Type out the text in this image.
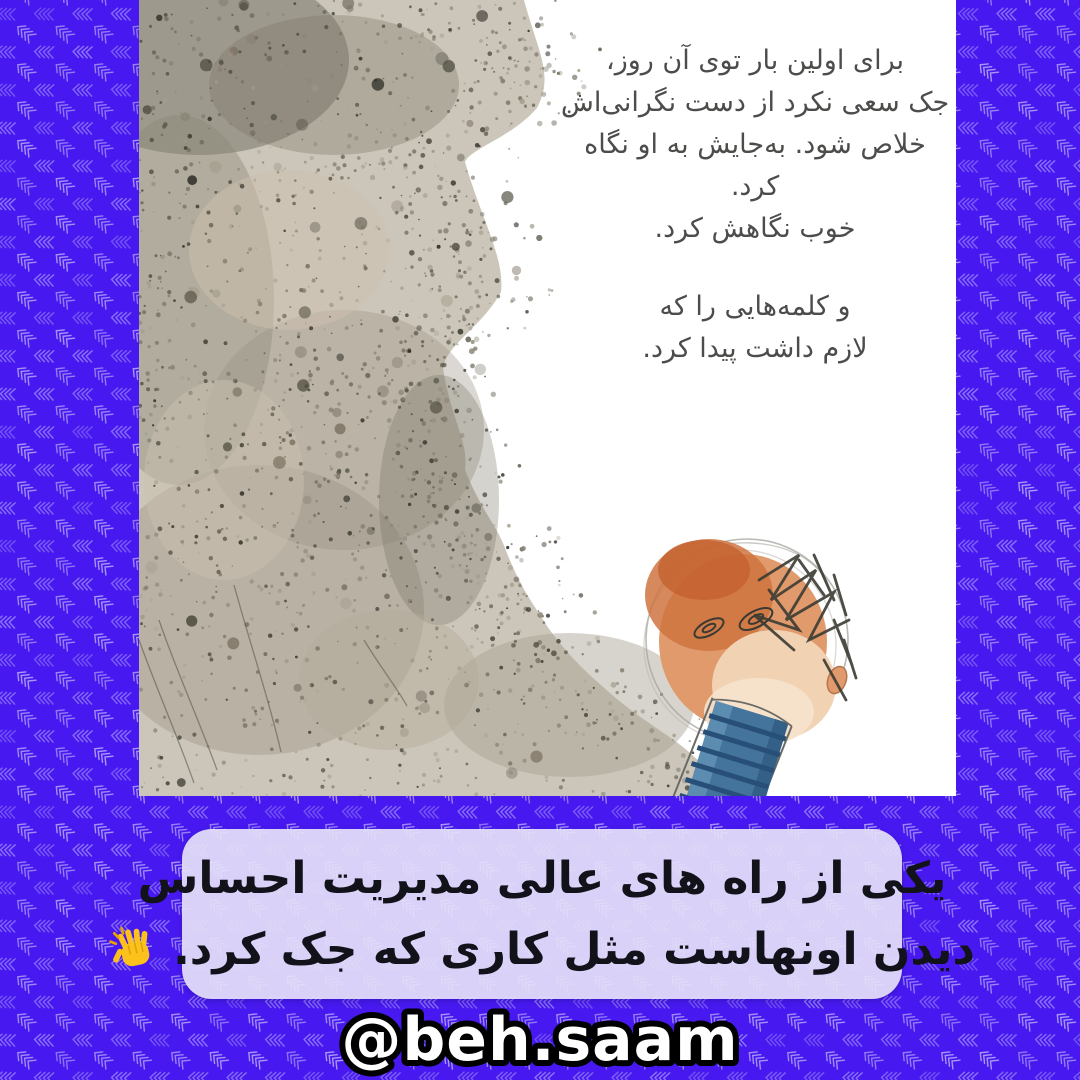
برای اولین بار توی آن روز،
جک سعی نکرد از دست نگرانی‌اش
خلاص شود. به‌جایش به او نگاه کرد.
خوب نگاهش کرد.
و کلمه‌هایی را که
لازم داشت پیدا کرد.
یکی از راه های عالی مدیریت احساس
دیدن اونهاست مثل کاری که جک کرد.
@beh.saam
